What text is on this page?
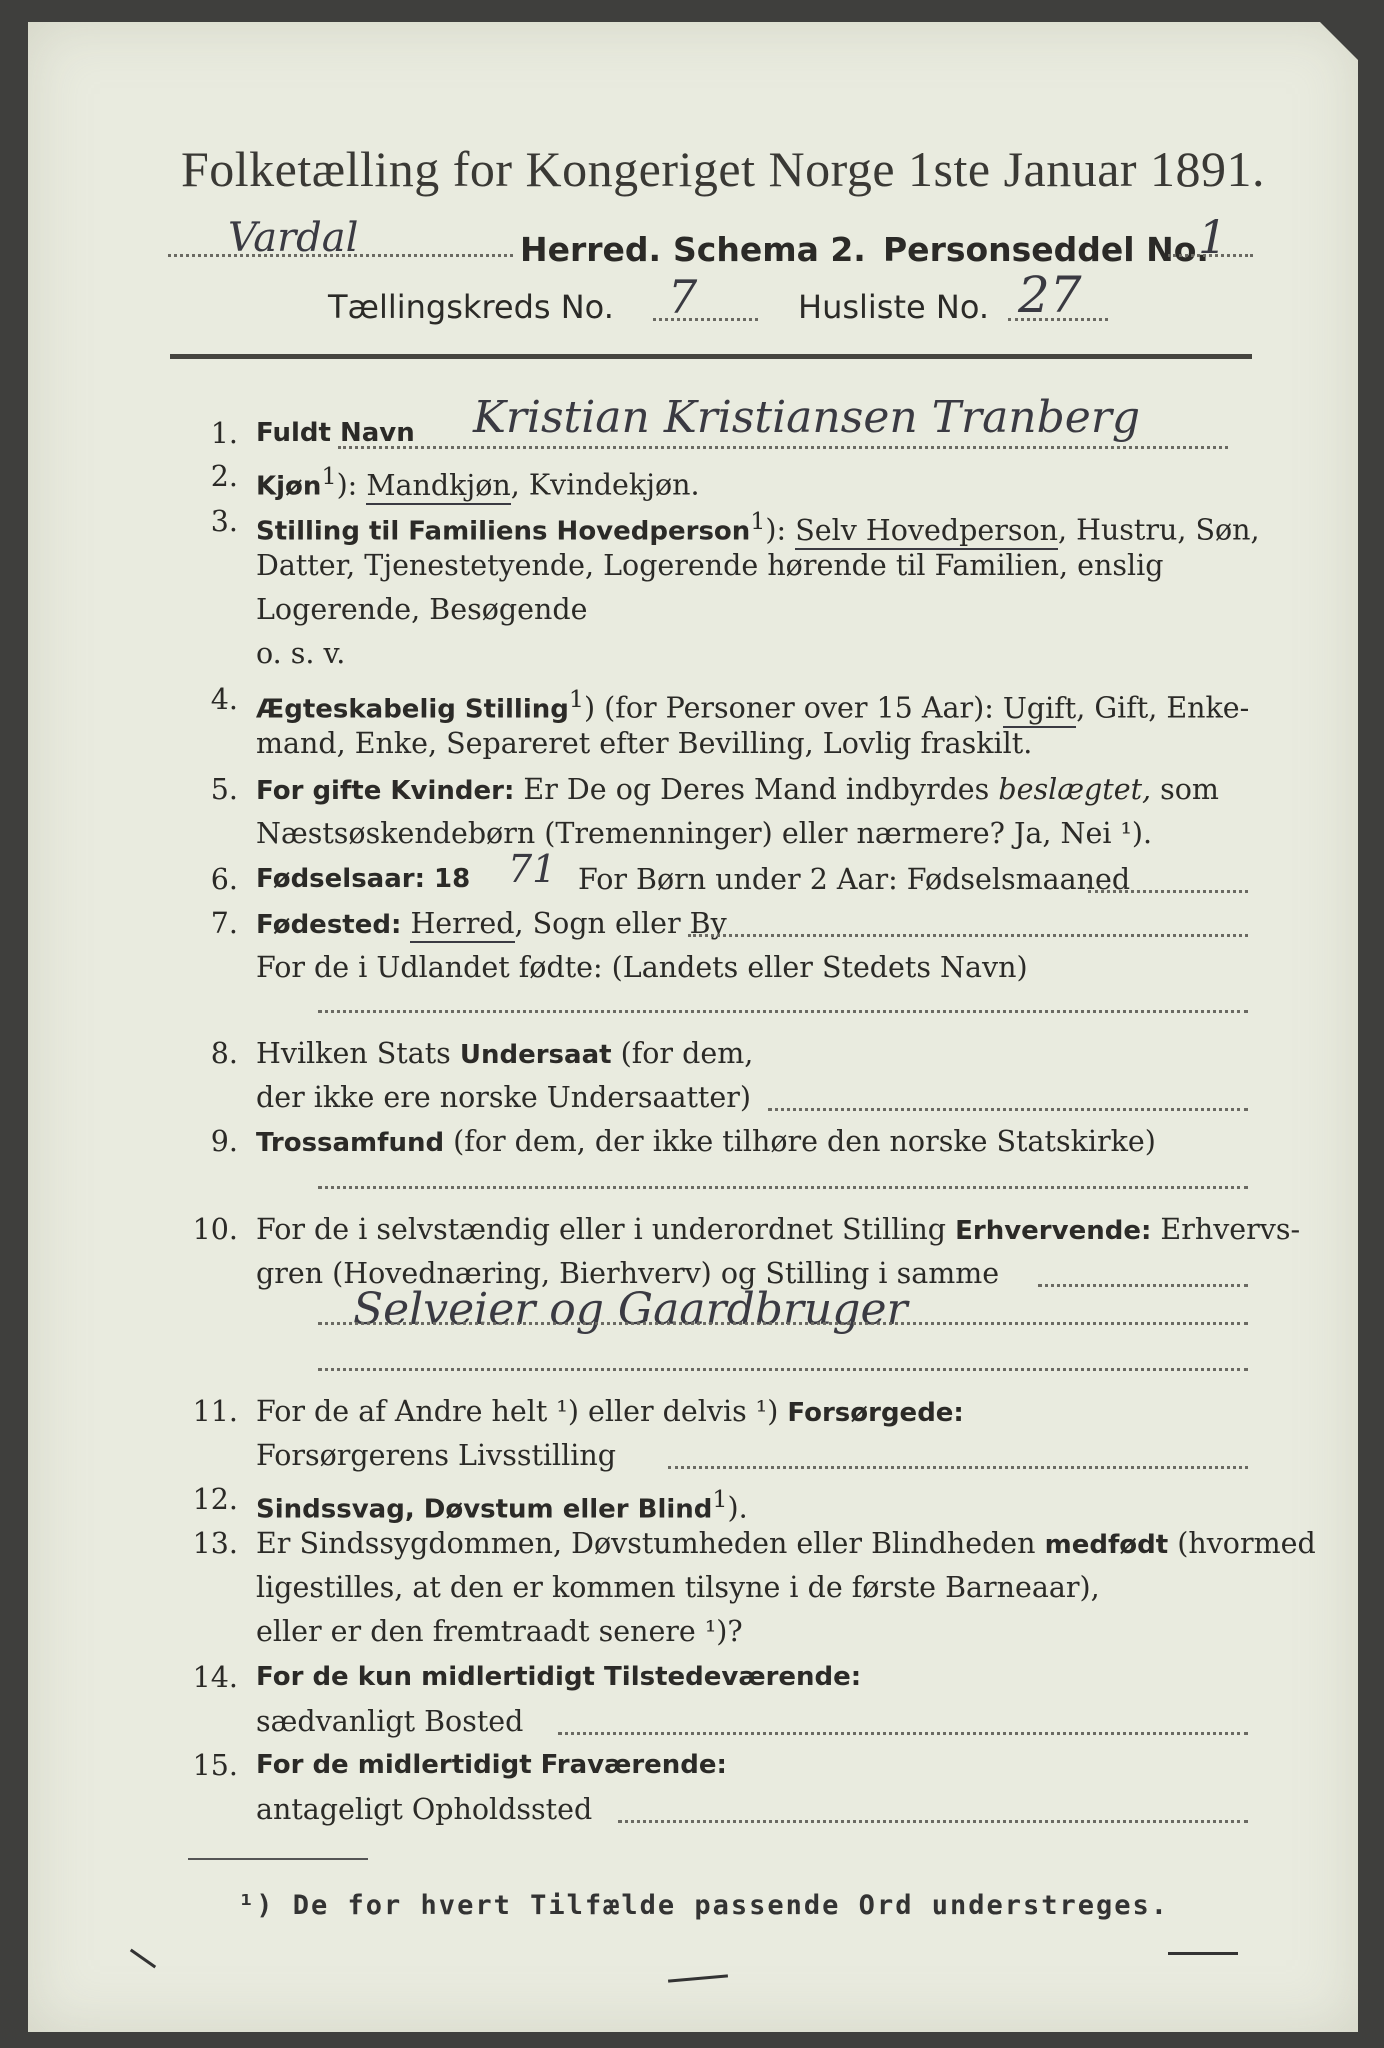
Folketælling for Kongeriget Norge 1ste Januar 1891.
Vardal	Herred. Schema 2. Personseddel No.
1
Tællingskreds No. 7	Husliste No. 27
1. Fuldt Navn Kristian Kristiansen Tranberg
2. Kjøn$^1$): Mandkjøn, Kvindekjøn.
3. Stilling til Familiens Hovedperson$^1$): Selv Hovedperson, Hustru, Søn,
Datter, Tjenestetyende, Logerende hørende til Familien, enslig
Logerende, Besøgende
o. s. v.
4. Ægteskabelig Stilling$^1$) (for Personer over 15 Aar): Ugift, Gift, Enke-
mand, Enke, Separeret efter Bevilling, Lovlig fraskilt.
5. For gifte Kvinder: Er De og Deres Mand indbyrdes beslægtet, som
Næstsøskendebørn (Tremenninger) eller nærmere? Ja, Nei ¹).
6. Fødselsaar: 18 71 For Børn under 2 Aar: Fødselsmaaned
7. Fødested: Herred, Sogn eller By
For de i Udlandet fødte: (Landets eller Stedets Navn)
8. Hvilken Stats Undersaat (for dem,
der ikke ere norske Undersaatter)
9. Trossamfund (for dem, der ikke tilhøre den norske Statskirke)
10. For de i selvstændig eller i underordnet Stilling Erhvervende: Erhvervs-
gren (Hovednæring, Bierhverv) og Stilling i samme
Selveier og Gaardbruger
11. For de af Andre helt ¹) eller delvis ¹) Forsørgede:
Forsørgerens Livsstilling
12. Sindssvag, Døvstum eller Blind$^1$).
13. Er Sindssygdommen, Døvstumheden eller Blindheden medfødt (hvormed
ligestilles, at den er kommen tilsyne i de første Barneaar),
eller er den fremtraadt senere ¹)?
14. For de kun midlertidigt Tilstedeværende:
sædvanligt Bosted
15. For de midlertidigt Fraværende:
antageligt Opholdssted
¹) De for hvert Tilfælde passende Ord understreges.
